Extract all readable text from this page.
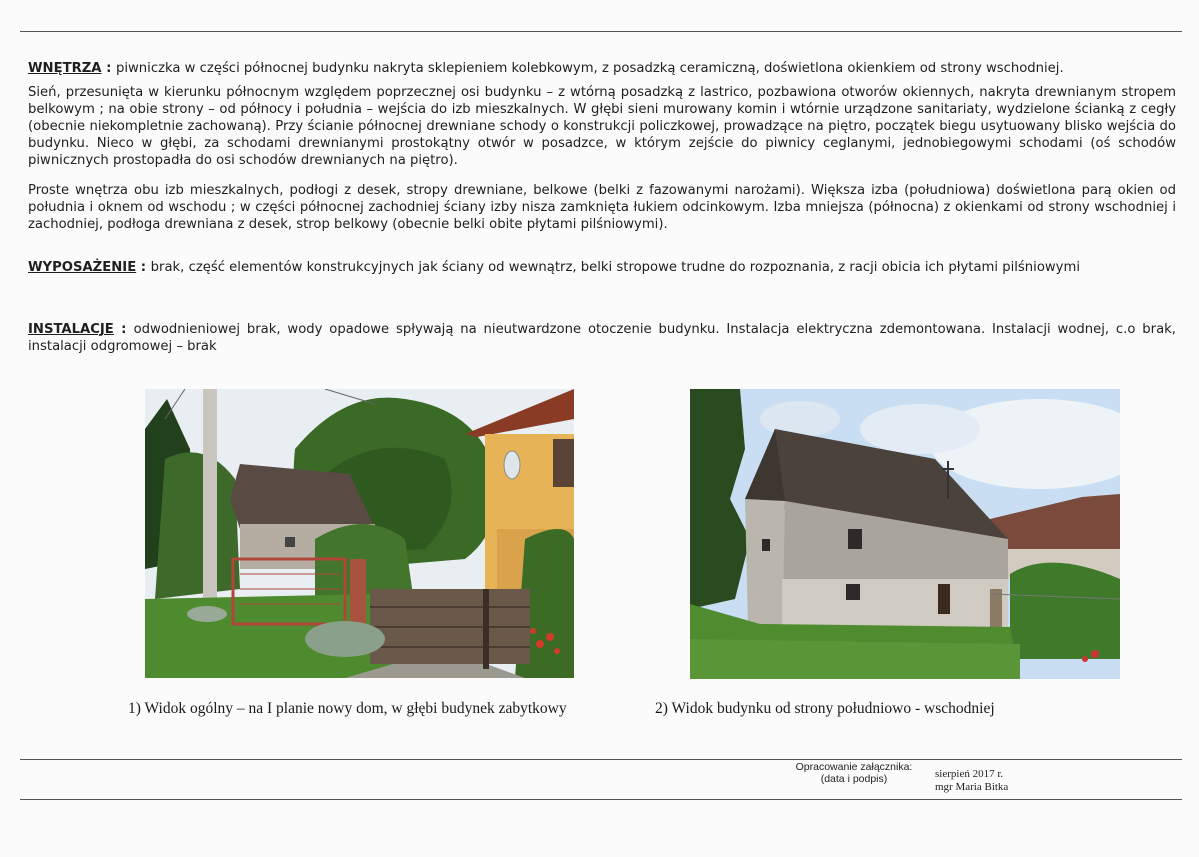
WNĘTRZA : piwniczka w części północnej budynku nakryta sklepieniem kolebkowym, z posadzką ceramiczną, doświetlona okienkiem od strony wschodniej.

Sień, przesunięta w kierunku północnym względem poprzecznej osi budynku – z wtórną posadzką z lastrico, pozbawiona otworów okiennych, nakryta drewnianym stropem belkowym ; na obie strony – od północy i południa – wejścia do izb mieszkalnych. W głębi sieni murowany komin i wtórnie urządzone sanitariaty, wydzielone ścianką z cegły (obecnie niekompletnie zachowaną). Przy ścianie północnej drewniane schody o konstrukcji policzkowej, prowadzące na piętro, początek biegu usytuowany blisko wejścia do budynku. Nieco w głębi, za schodami drewnianymi prostokątny otwór w posadzce, w którym zejście do piwnicy ceglanymi, jednobiegowymi schodami (oś schodów piwnicznych prostopadła do osi schodów drewnianych na piętro).

Proste wnętrza obu izb mieszkalnych, podłogi z desek, stropy drewniane, belkowe (belki z fazowanymi narożami). Większa izba (południowa) doświetlona parą okien od południa i oknem od wschodu ; w części północnej zachodniej ściany izby nisza zamknięta łukiem odcinkowym. Izba mniejsza (północna) z okienkami od strony wschodniej i zachodniej, podłoga drewniana z desek, strop belkowy (obecnie belki obite płytami pilśniowymi).

WYPOSAŻENIE : brak, część elementów konstrukcyjnych jak ściany od wewnątrz, belki stropowe trudne do rozpoznania, z racji obicia ich płytami pilśniowymi

INSTALACJE : odwodnieniowej brak, wody opadowe spływają na nieutwardzone otoczenie budynku. Instalacja elektryczna zdemontowana. Instalacji wodnej, c.o brak, instalacji odgromowej – brak

1) Widok ogólny – na I planie nowy dom, w głębi budynek zabytkowy	2) Widok budynku od strony południowo - wschodniej
Opracowanie załącznika:
(data i podpis)	sierpień 2017 r.
mgr Maria Bitka
